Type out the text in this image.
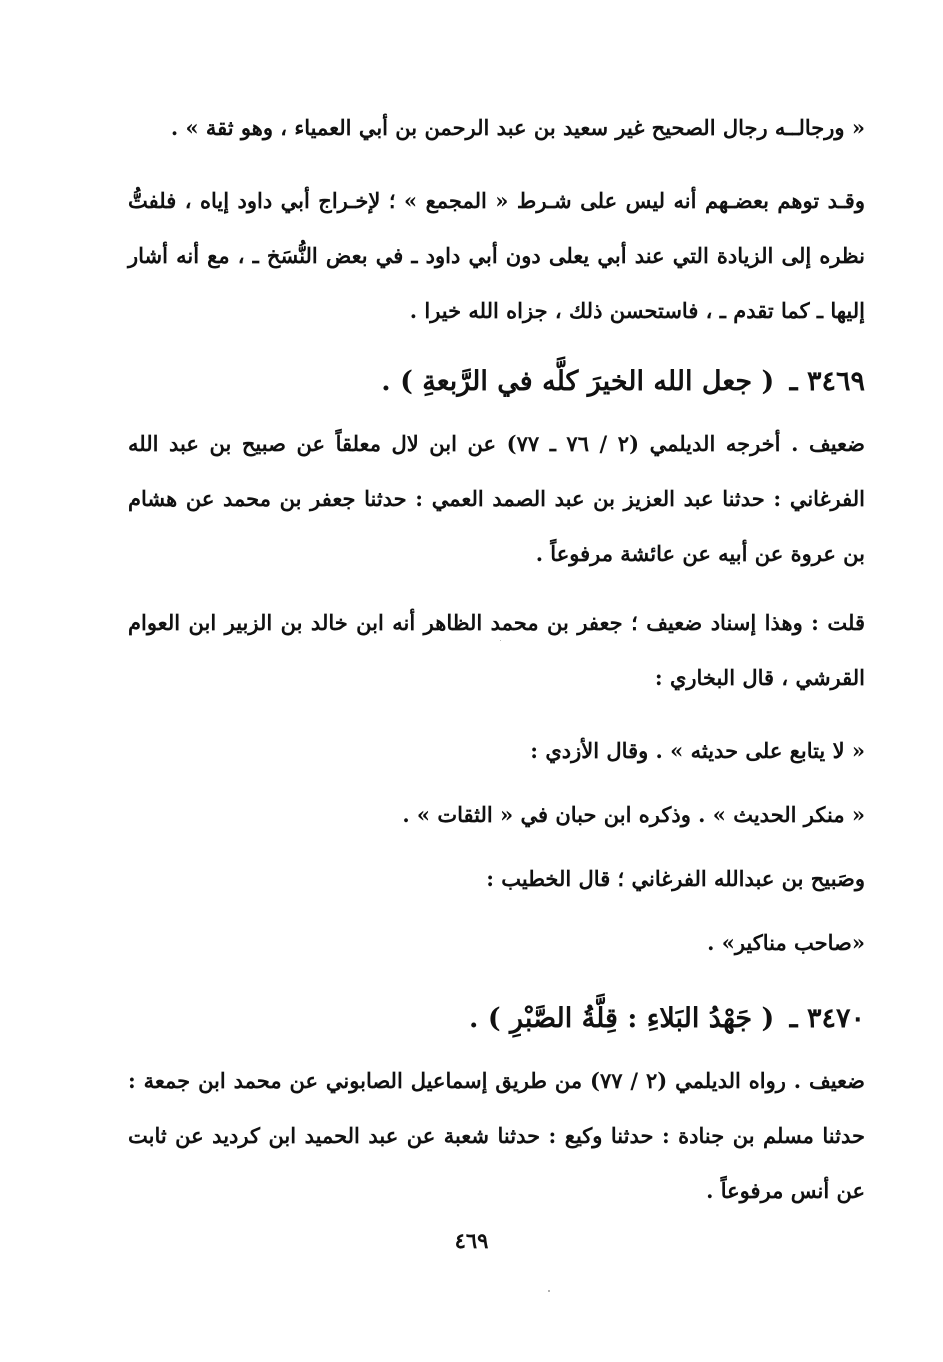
« ورجالــه رجال الصحيح غير سعيد بن عبد الرحمن بن أبي العمياء ، وهو ثقة » .

وقـد توهم بعضـهم أنه ليس على شـرط « المجمع » ؛ لإخـراج أبي داود إياه ، فلفتُّ نظره إلى الزيادة التي عند أبي يعلى دون أبي داود ـ في بعض النُّسَخ ـ ، مع أنه أشار إليها ـ كما تقدم ـ ، فاستحسن ذلك ، جزاه الله خيرا .

٣٤٦٩ ـ ( جعل الله الخيرَ كلَّه في الرَّبعةِ ) .

ضعيف . أخرجه الديلمي (٢ / ٧٦ ـ ٧٧) عن ابن لال معلقاً عن صبيح بن عبد الله الفرغاني : حدثنا عبد العزيز بن عبد الصمد العمي : حدثنا جعفر بن محمد عن هشام بن عروة عن أبيه عن عائشة مرفوعاً .

قلت : وهذا إسناد ضعيف ؛ جعفر بن محمد الظاهر أنه ابن خالد بن الزبير ابن العوام القرشي ، قال البخاري :

« لا يتابع على حديثه » . وقال الأزدي :

« منكر الحديث » . وذكره ابن حبان في « الثقات » .

وصَبيح بن عبدالله الفرغاني ؛ قال الخطيب :

«صاحب مناكير» .

٣٤٧٠ ـ ( جَهْدُ البَلاءِ : قِلَّةُ الصَّبْرِ ) .

ضعيف . رواه الديلمي (٢ / ٧٧) من طريق إسماعيل الصابوني عن محمد ابن جمعة : حدثنا مسلم بن جنادة : حدثنا وكيع : حدثنا شعبة عن عبد الحميد ابن كرديد عن ثابت عن أنس مرفوعاً .

٤٦٩
